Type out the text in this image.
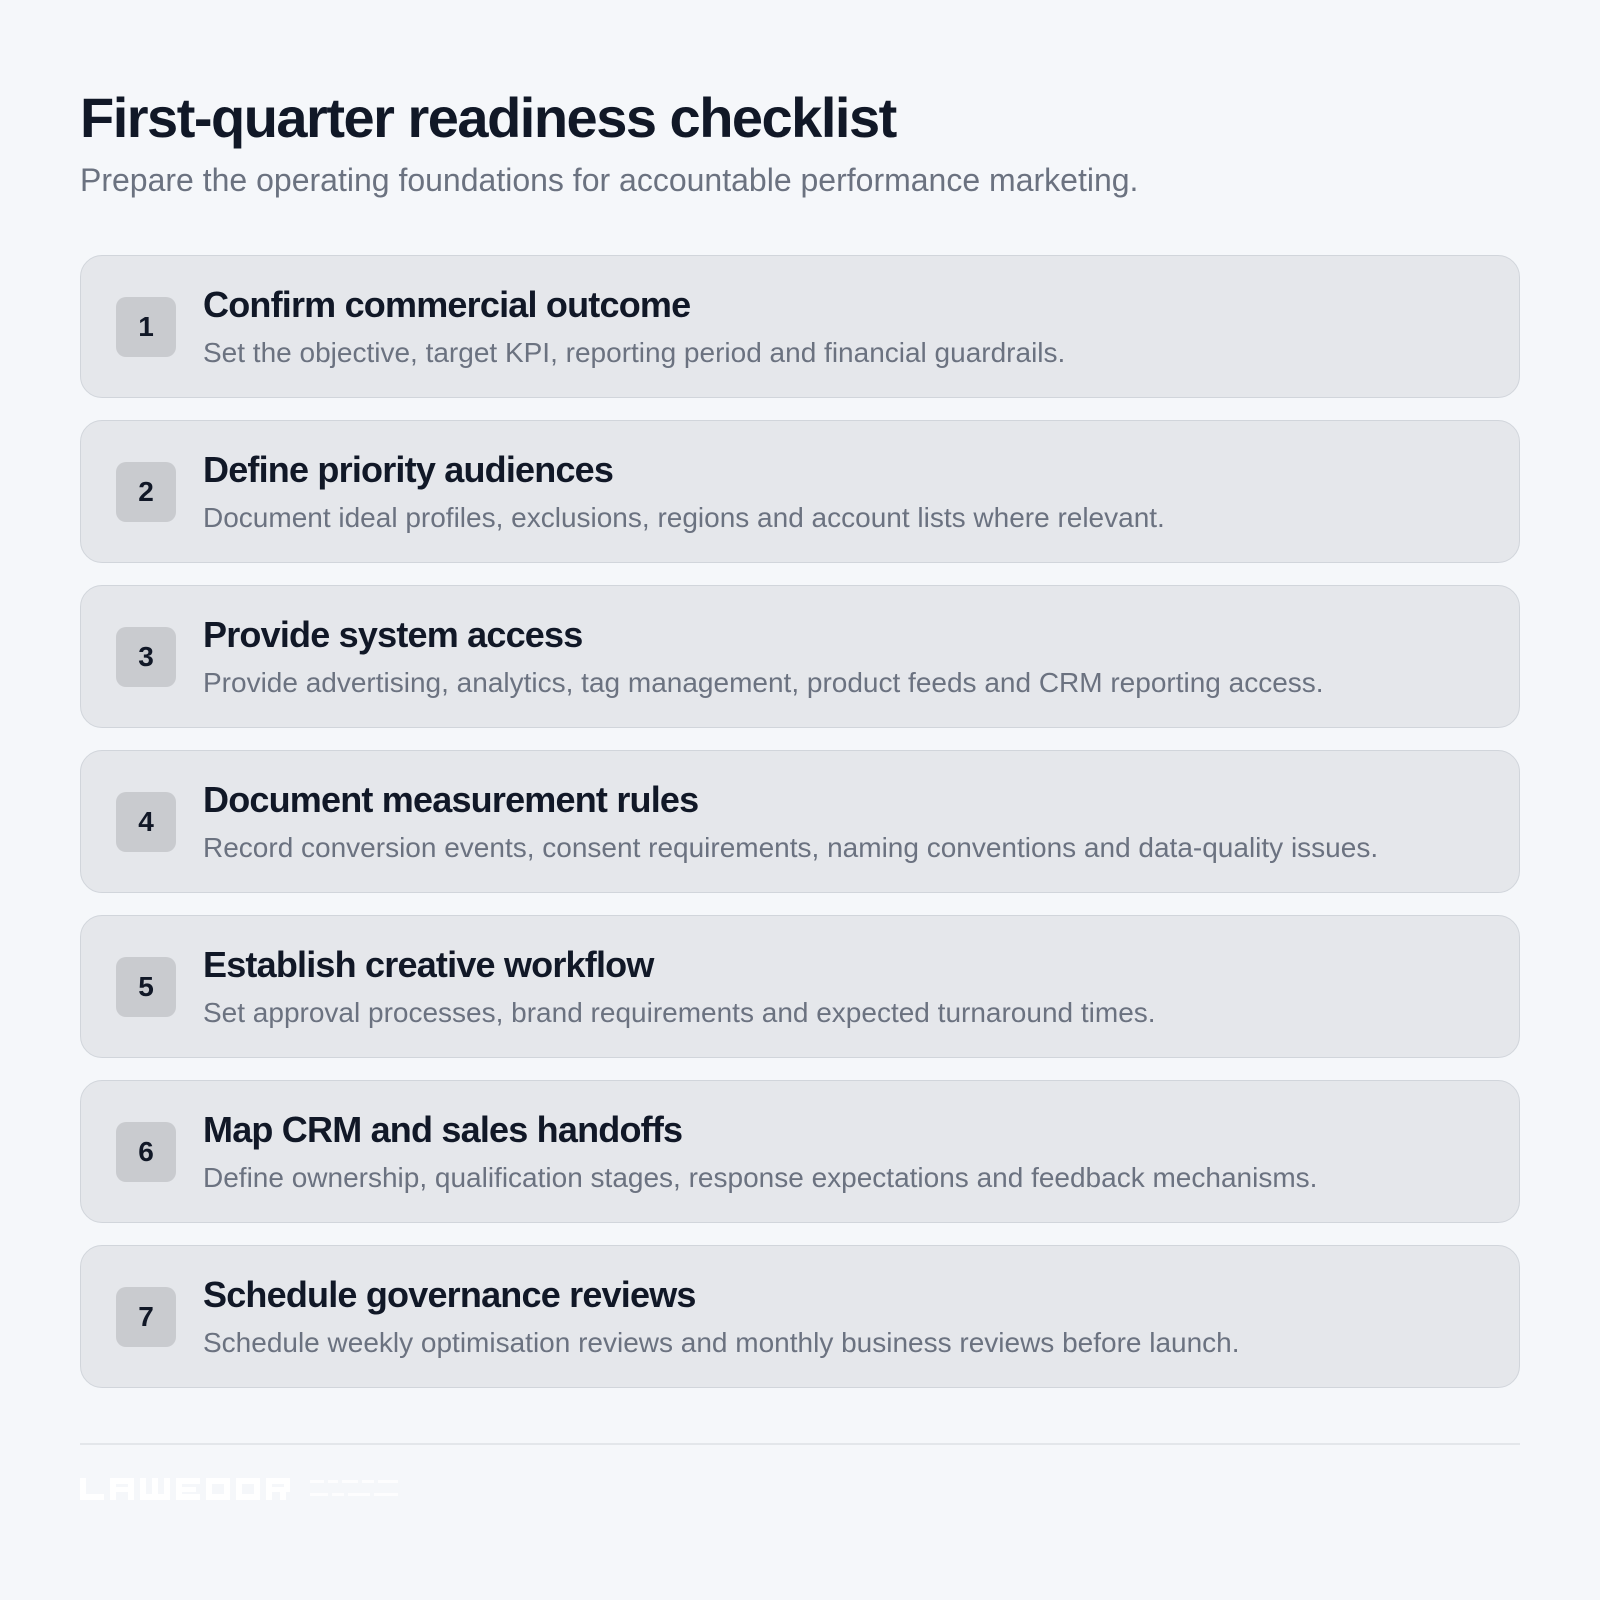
First-quarter readiness checklist

Prepare the operating foundations for accountable performance marketing.

1
Confirm commercial outcome
Set the objective, target KPI, reporting period and financial guardrails.
2
Define priority audiences
Document ideal profiles, exclusions, regions and account lists where relevant.
3
Provide system access
Provide advertising, analytics, tag management, product feeds and CRM reporting access.
4
Document measurement rules
Record conversion events, consent requirements, naming conventions and data-quality issues.
5
Establish creative workflow
Set approval processes, brand requirements and expected turnaround times.
6
Map CRM and sales handoffs
Define ownership, qualification stages, response expectations and feedback mechanisms.
7
Schedule governance reviews
Schedule weekly optimisation reviews and monthly business reviews before launch.
